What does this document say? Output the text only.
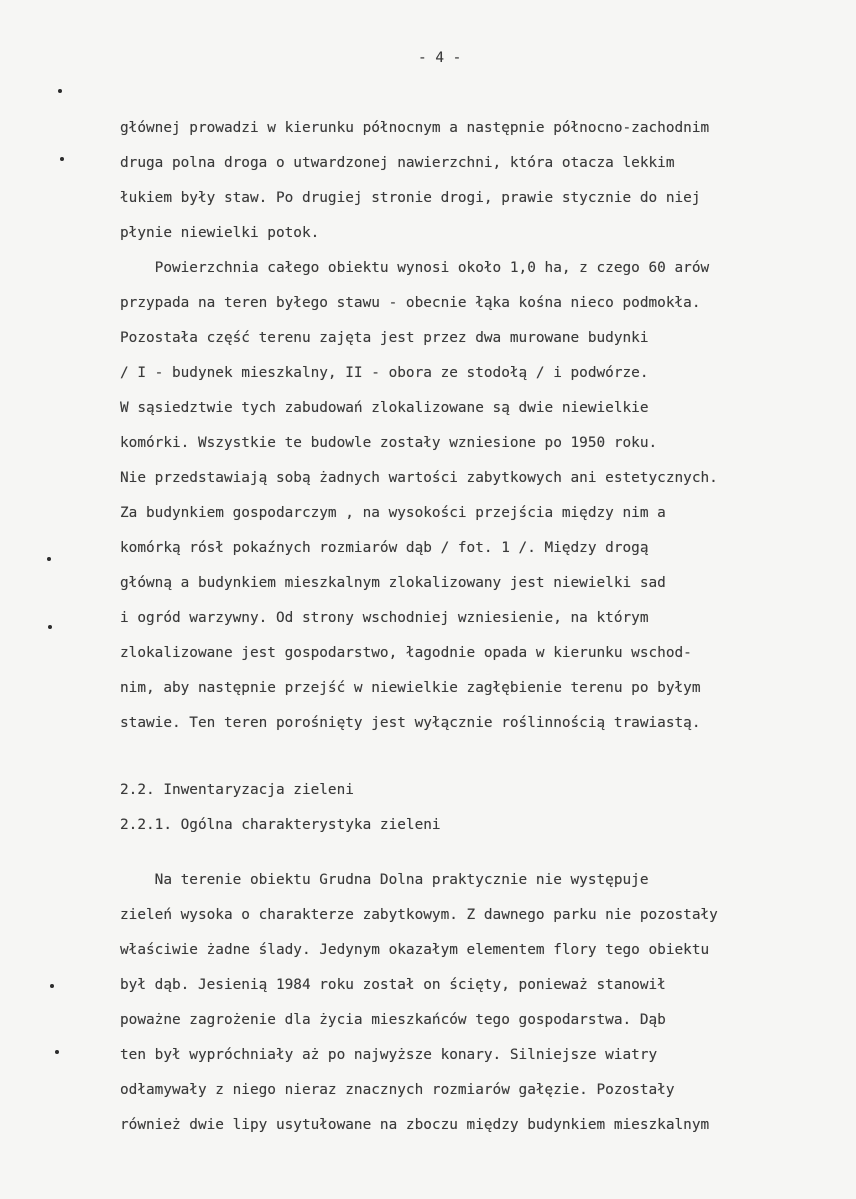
- 4 -
głównej prowadzi w kierunku północnym a następnie północno-zachodnim
druga polna droga o utwardzonej nawierzchni, która otacza lekkim
łukiem były staw. Po drugiej stronie drogi, prawie stycznie do niej
płynie niewielki potok.
Powierzchnia całego obiektu wynosi około 1,0 ha, z czego 60 arów
przypada na teren byłego stawu - obecnie łąka kośna nieco podmokła.
Pozostała część terenu zajęta jest przez dwa murowane budynki
/ I - budynek mieszkalny, II - obora ze stodołą / i podwórze.
W sąsiedztwie tych zabudowań zlokalizowane są dwie niewielkie
komórki. Wszystkie te budowle zostały wzniesione po 1950 roku.
Nie przedstawiają sobą żadnych wartości zabytkowych ani estetycznych.
Za budynkiem gospodarczym , na wysokości przejścia między nim a
komórką rósł pokaźnych rozmiarów dąb / fot. 1 /. Między drogą
główną a budynkiem mieszkalnym zlokalizowany jest niewielki sad
i ogród warzywny. Od strony wschodniej wzniesienie, na którym
zlokalizowane jest gospodarstwo, łagodnie opada w kierunku wschod-
nim, aby następnie przejść w niewielkie zagłębienie terenu po byłym
stawie. Ten teren porośnięty jest wyłącznie roślinnością trawiastą.
2.2. Inwentaryzacja zieleni
2.2.1. Ogólna charakterystyka zieleni
Na terenie obiektu Grudna Dolna praktycznie nie występuje
zieleń wysoka o charakterze zabytkowym. Z dawnego parku nie pozostały
właściwie żadne ślady. Jedynym okazałym elementem flory tego obiektu
był dąb. Jesienią 1984 roku został on ścięty, ponieważ stanowił
poważne zagrożenie dla życia mieszkańców tego gospodarstwa. Dąb
ten był wypróchniały aż po najwyższe konary. Silniejsze wiatry
odłamywały z niego nieraz znacznych rozmiarów gałęzie. Pozostały
również dwie lipy usytułowane na zboczu między budynkiem mieszkalnym
